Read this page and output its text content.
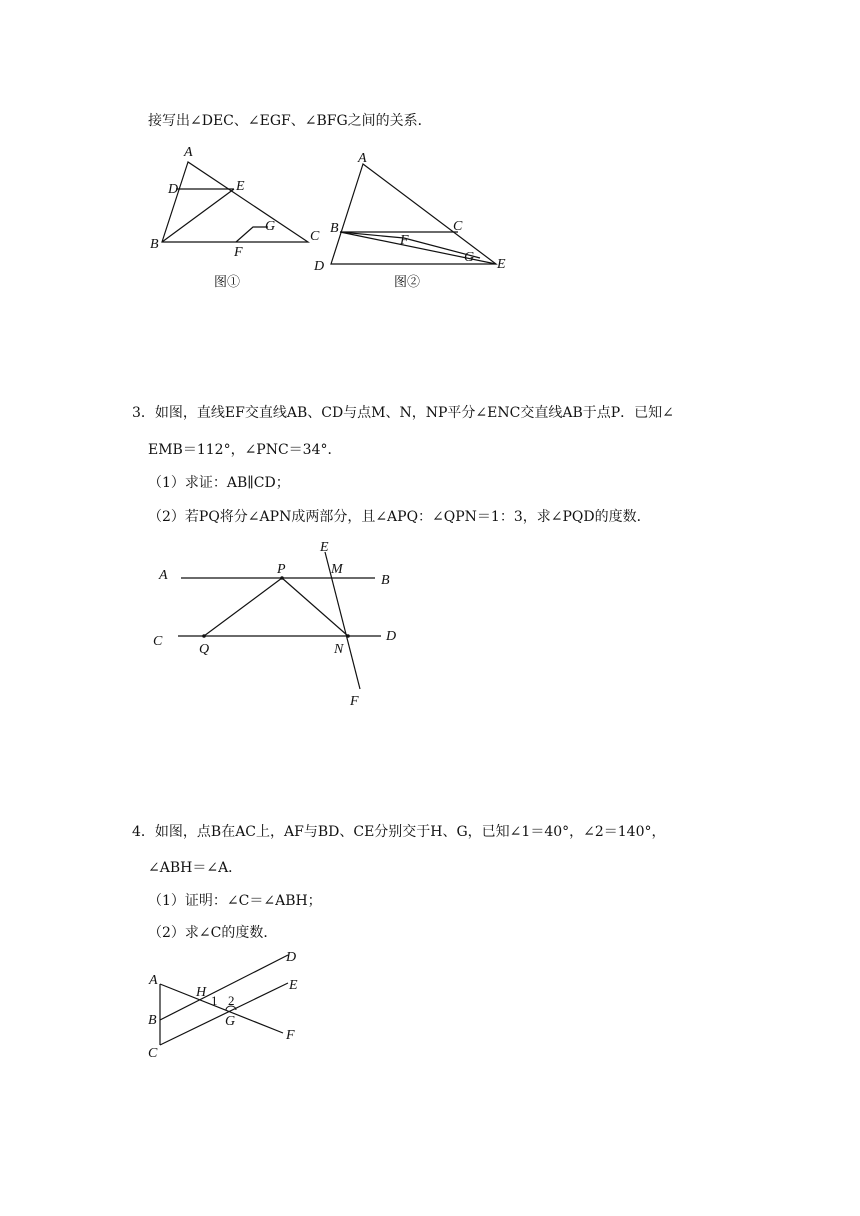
接写出∠DEC、∠EGF、∠BFG之间的关系．
A
D	E
B
G
F
C
图①
A
B	C
F
G
D	E
图②
3．如图，直线EF交直线AB、CD与点M、N，NP平分∠ENC交直线AB于点P．已知∠
EMB＝112°，∠PNC＝34°．
（1）求证：AB∥CD；
（2）若PQ将分∠APN成两部分，且∠APQ：∠QPN＝1：3，求∠PQD的度数．
A
E
P	M
B
C	D
Q	N
F
4．如图，点B在AC上，AF与BD、CE分别交于H、G，已知∠1＝40°，∠2＝140°，
∠ABH＝∠A．
（1）证明：∠C＝∠ABH；
（2）求∠C的度数．
A
D
H
1 2
E
B	G
F
C
